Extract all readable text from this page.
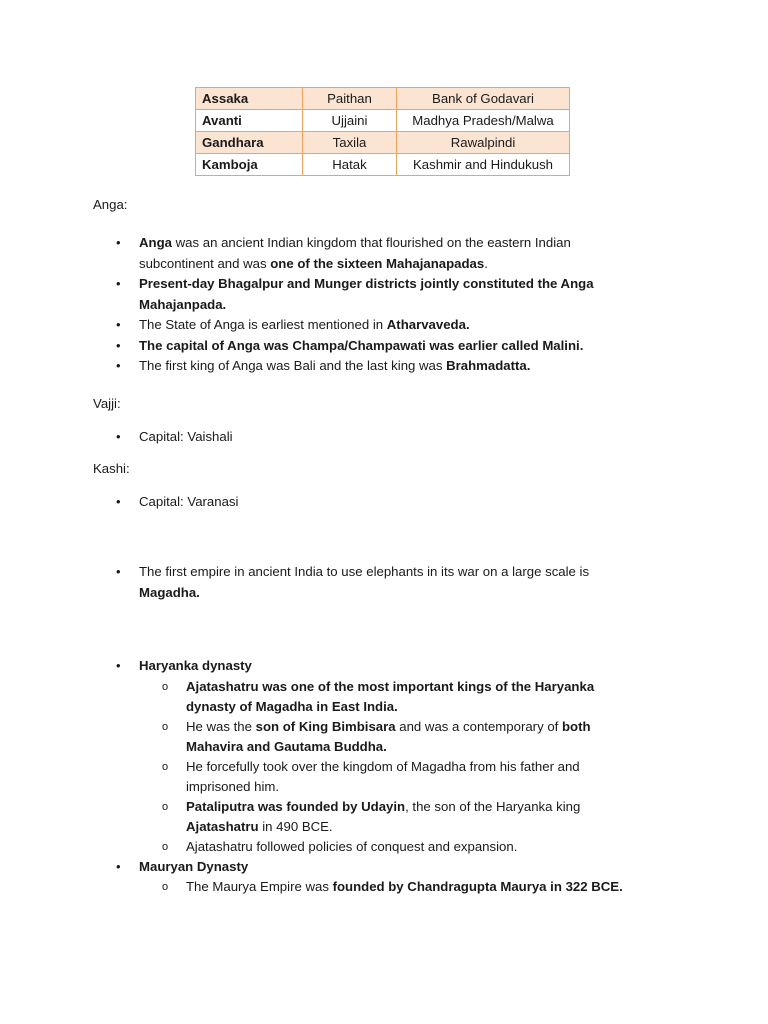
Assaka	Paithan	Bank of Godavari
Avanti	Ujjaini	Madhya Pradesh/Malwa
Gandhara	Taxila	Rawalpindi
Kamboja	Hatak	Kashmir and Hindukush
Anga:
• Anga was an ancient Indian kingdom that flourished on the eastern Indian subcontinent and was one of the sixteen Mahajanapadas.
• Present-day Bhagalpur and Munger districts jointly constituted the Anga Mahajanpada.
• The State of Anga is earliest mentioned in Atharvaveda.
• The capital of Anga was Champa/Champawati was earlier called Malini.
• The first king of Anga was Bali and the last king was Brahmadatta.
Vajji:
• Capital: Vaishali
Kashi:
• Capital: Varanasi
• The first empire in ancient India to use elephants in its war on a large scale is Magadha.
• Haryanka dynasty
o Ajatashatru was one of the most important kings of the Haryanka dynasty of Magadha in East India.
o He was the son of King Bimbisara and was a contemporary of both Mahavira and Gautama Buddha.
o He forcefully took over the kingdom of Magadha from his father and imprisoned him.
o Pataliputra was founded by Udayin, the son of the Haryanka king Ajatashatru in 490 BCE.
o Ajatashatru followed policies of conquest and expansion.
• Mauryan Dynasty
o The Maurya Empire was founded by Chandragupta Maurya in 322 BCE.
